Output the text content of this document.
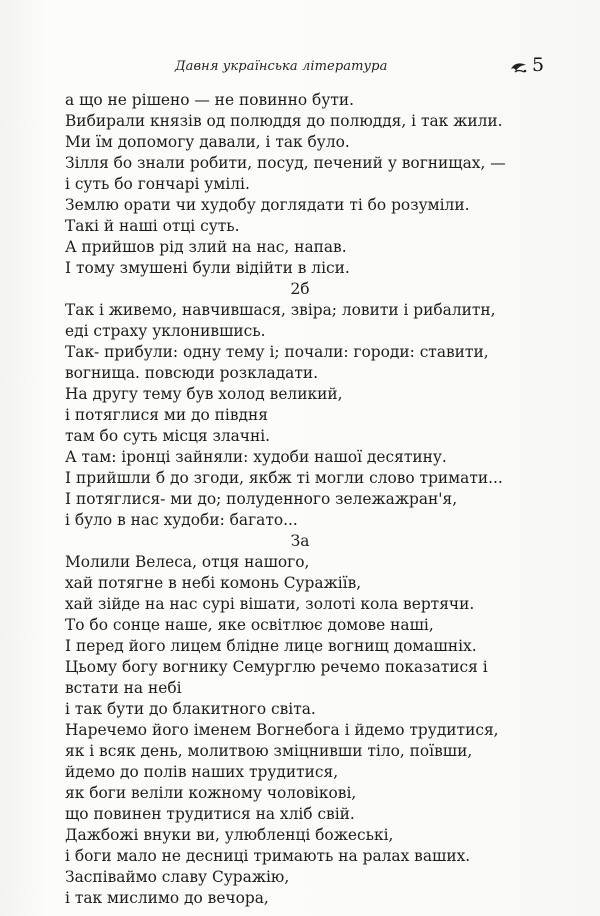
Давня українська література	5
а що не рішено — не повинно бути.
Вибирали князів од полюддя до полюддя, і так жили.
Ми їм допомогу давали, і так було.
Зілля бо знали робити, посуд, печений у вогнищах, —
і суть бо гончарі умілі.
Землю орати чи худобу доглядати ті бо розуміли.
Такі й наші отці суть.
А прийшов рід злий на нас, напав.
І тому змушені були відійти в ліси.
2б
Так і живемо, навчившася, звіра; ловити і рибалитн,
еді страху уклонившись.
Так- прибули: одну тему і; почали: городи: ставити,
вогнища. повсюди розкладати.
На другу тему був холод великий,
і потяглися ми до півдня
там бо суть місця злачні.
А там: іронці зайняли: худоби нашої десятину.
І прийшли б до згоди, якбж ті могли слово тримати...
І потяглися- ми до; полуденного зележажран'я,
і було в нас худоби: багато...
За
Молили Велеса, отця нашого,
хай потягне в небі комонь Суражіїв,
хай зійде на нас сурі вішати, золоті кола вертячи.
То бо сонце наше, яке освітлює домове наші,
І перед його лицем блідне лице вогнищ домашніх.
Цьому богу вогнику Семурглю речемо показатися і
встати на небі
і так бути до блакитного світа.
Наречемо його іменем Вогнебога і йдемо трудитися,
як і всяк день, молитвою зміцнивши тіло, поївши,
йдемо до полів наших трудитися,
як боги веліли кожному чоловікові,
що повинен трудитися на хліб свій.
Дажбожі внуки ви, улюбленці божеські,
і боги мало не десниці тримають на ралах ваших.
Заспіваймо славу Суражію,
і так мислимо до вечора,
